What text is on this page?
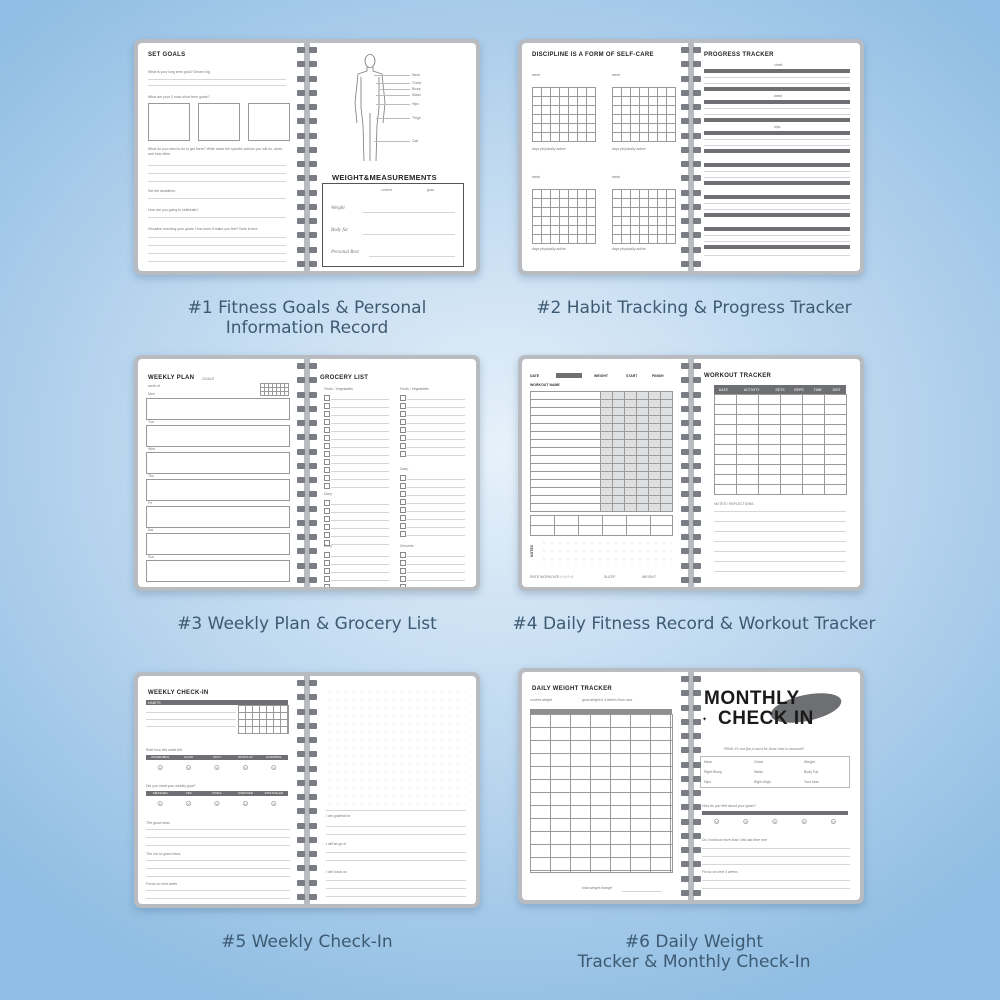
SET GOALS
What is your long term goal? Dream big.
What are your 3 main short term goals?
What do you need to do to get there? Write down the specific actions you will do, when and how often.
Set the deadlines.
How are you going to celebrate?
Visualize reaching your goals. How does it make you feel? Note it here.
Neck
Chest
Bicep
Waist
Hips
Thigh
Calf
WEIGHT&MEASUREMENTS
current	goal
Weight
Body fat
Personal Best
DISCIPLINE IS A FORM OF SELF-CARE
week	week
days physically active	days physically active
week	week
days physically active	days physically active
PROGRESS TRACKER
chest
waist
hips
WEEKLY PLAN GOALS
week of
Mon
Tue
Wed
Thu
Fri
Sat
Sun
GROCERY LIST
Fruits / Vegetables	Fruits / Vegetables
Dairy
Dairy
Dairy	Desserts
DATE	WEIGHT	START	FINISH
WORKOUT NAME
NOTES
RATE WORKOUT
☆☆☆☆☆	SLEEP	WEIGHT
WORKOUT TRACKER
DATE	ACTIVITY	SETS	REPS	TIME	DIST
NOTES / REFLECTIONS
WEEKLY CHECK-IN
HABITS
Rate how this week felt
INCREDIBLE	GOOD	OKAY	DIFFICULT	HORRIBLE
☺	☺	☺	☺	☺
Did you meet your weekly goal?
SMASHED	YES	KINDA	SURVIVED	STRUGGLED
☺	☺	☺	☺	☺
The good news
The not so good news
Focus on next week
I am grateful for
I will let go of
I will focus on
DAILY WEIGHT TRACKER
current weight	goal weight & 4 weeks from now
total weight change
MONTHLY
CHECK IN
✦
While it's not fun,it must be done time to measure!
Neck	Chest	Weight
Right Bicep	Waist	Body Fat
Hips	Right thigh	Your best
How do you feel about your goals?
☺	☺	☺	☺	☺
Do I workout more than I did last time one
Focus on next 4 weeks
#1 Fitness Goals & Personal
Information Record
#2 Habit Tracking & Progress Tracker
#3 Weekly Plan & Grocery List	#4 Daily Fitness Record & Workout Tracker
#5 Weekly Check-In	#6 Daily Weight
Tracker & Monthly Check-In
